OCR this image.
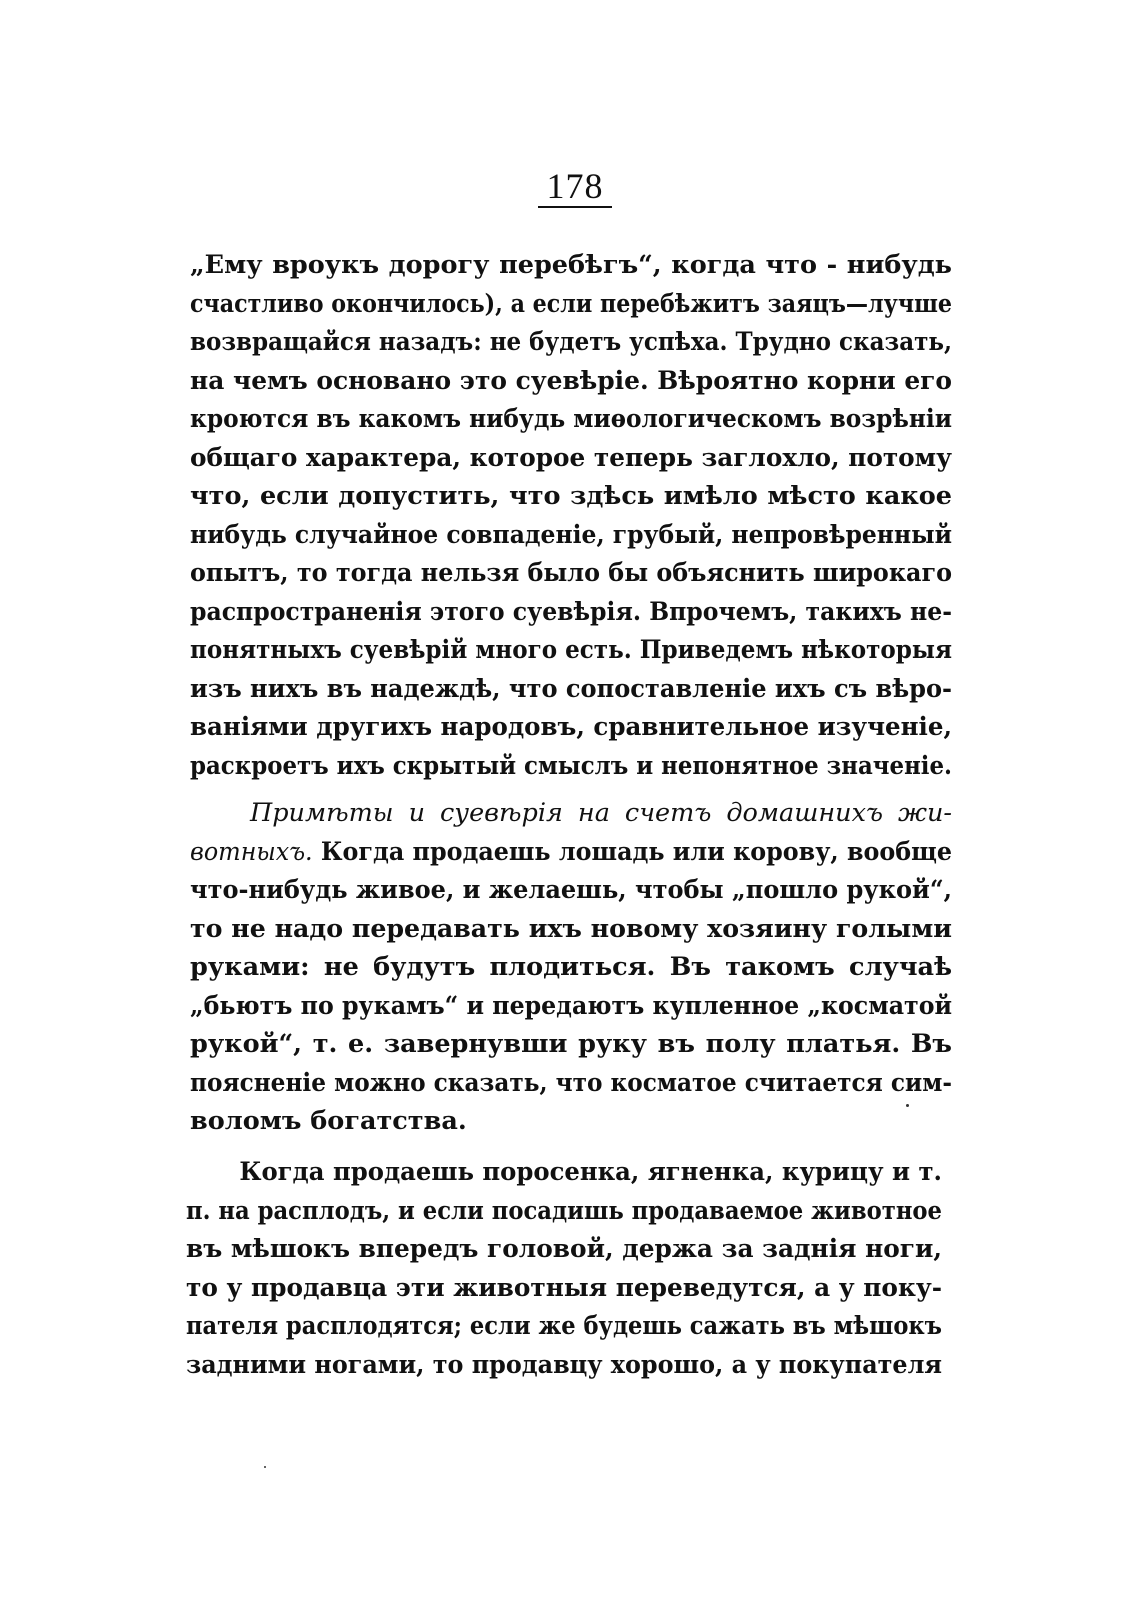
178
„Ему вроукъ дорогу перебѣгъ“, когда что - нибудь
счастливо окончилось), а если перебѣжитъ заяцъ—лучше
возвращайся назадъ: не будетъ успѣха. Трудно сказать,
на чемъ основано это суевѣріе. Вѣроятно корни его
кроются въ какомъ нибудь миѳологическомъ возрѣніи
общаго характера, которое теперь заглохло, потому
что, если допустить, что здѣсь имѣло мѣсто какое
нибудь случайное совпаденіе, грубый, непровѣренный
опытъ, то тогда нельзя было бы объяснить широкаго
распространенія этого суевѣрія. Впрочемъ, такихъ не-
понятныхъ суевѣрій много есть. Приведемъ нѣкоторыя
изъ нихъ въ надеждѣ, что сопоставленіе ихъ съ вѣро-
ваніями другихъ народовъ, сравнительное изученіе,
раскроетъ ихъ скрытый смыслъ и непонятное значеніе.
Примѣты и суевѣрія на счетъ домашнихъ жи-
вотныхъ. Когда продаешь лошадь или корову, вообще
что-нибудь живое, и желаешь, чтобы „пошло рукой“,
то не надо передавать ихъ новому хозяину голыми
руками: не будутъ плодиться. Въ такомъ случаѣ
„бьютъ по рукамъ“ и передаютъ купленное „косматой
рукой“, т. е. завернувши руку въ полу платья. Въ
поясненіе можно сказать, что косматое считается сим-
воломъ богатства.
Когда продаешь поросенка, ягненка, курицу и т.
п. на расплодъ, и если посадишь продаваемое животное
въ мѣшокъ впередъ головой, держа за заднія ноги,
то у продавца эти животныя переведутся, а у поку-
пателя расплодятся; если же будешь сажать въ мѣшокъ
задними ногами, то продавцу хорошо, а у покупателя
